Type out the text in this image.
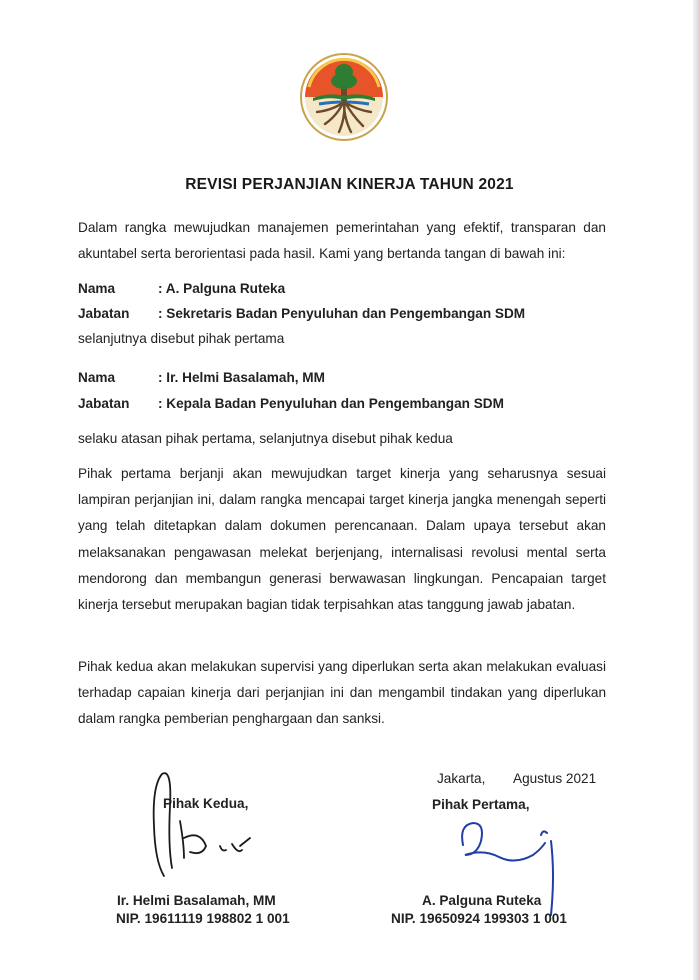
REVISI PERJANJIAN KINERJA TAHUN 2021
Dalam rangka mewujudkan manajemen pemerintahan yang efektif, transparan dan akuntabel serta berorientasi pada hasil. Kami yang bertanda tangan di bawah ini:
Nama	: A. Palguna Ruteka
Jabatan : Sekretaris Badan Penyuluhan dan Pengembangan SDM
selanjutnya disebut pihak pertama
Nama	: Ir. Helmi Basalamah, MM
Jabatan : Kepala Badan Penyuluhan dan Pengembangan SDM
selaku atasan pihak pertama, selanjutnya disebut pihak kedua
Pihak pertama berjanji akan mewujudkan target kinerja yang seharusnya sesuai lampiran perjanjian ini, dalam rangka mencapai target kinerja jangka menengah seperti yang telah ditetapkan dalam dokumen perencanaan. Dalam upaya tersebut akan melaksanakan pengawasan melekat berjenjang, internalisasi revolusi mental serta mendorong dan membangun generasi berwawasan lingkungan. Pencapaian target kinerja tersebut merupakan bagian tidak terpisahkan atas tanggung jawab jabatan.
Pihak kedua akan melakukan supervisi yang diperlukan serta akan melakukan evaluasi terhadap capaian kinerja dari perjanjian ini dan mengambil tindakan yang diperlukan dalam rangka pemberian penghargaan dan sanksi.
Jakarta, Agustus 2021
Pihak Kedua,
Ir. Helmi Basalamah, MM
NIP. 19611119 198802 1 001
Pihak Pertama,
A. Palguna Ruteka
NIP. 19650924 199303 1 001
